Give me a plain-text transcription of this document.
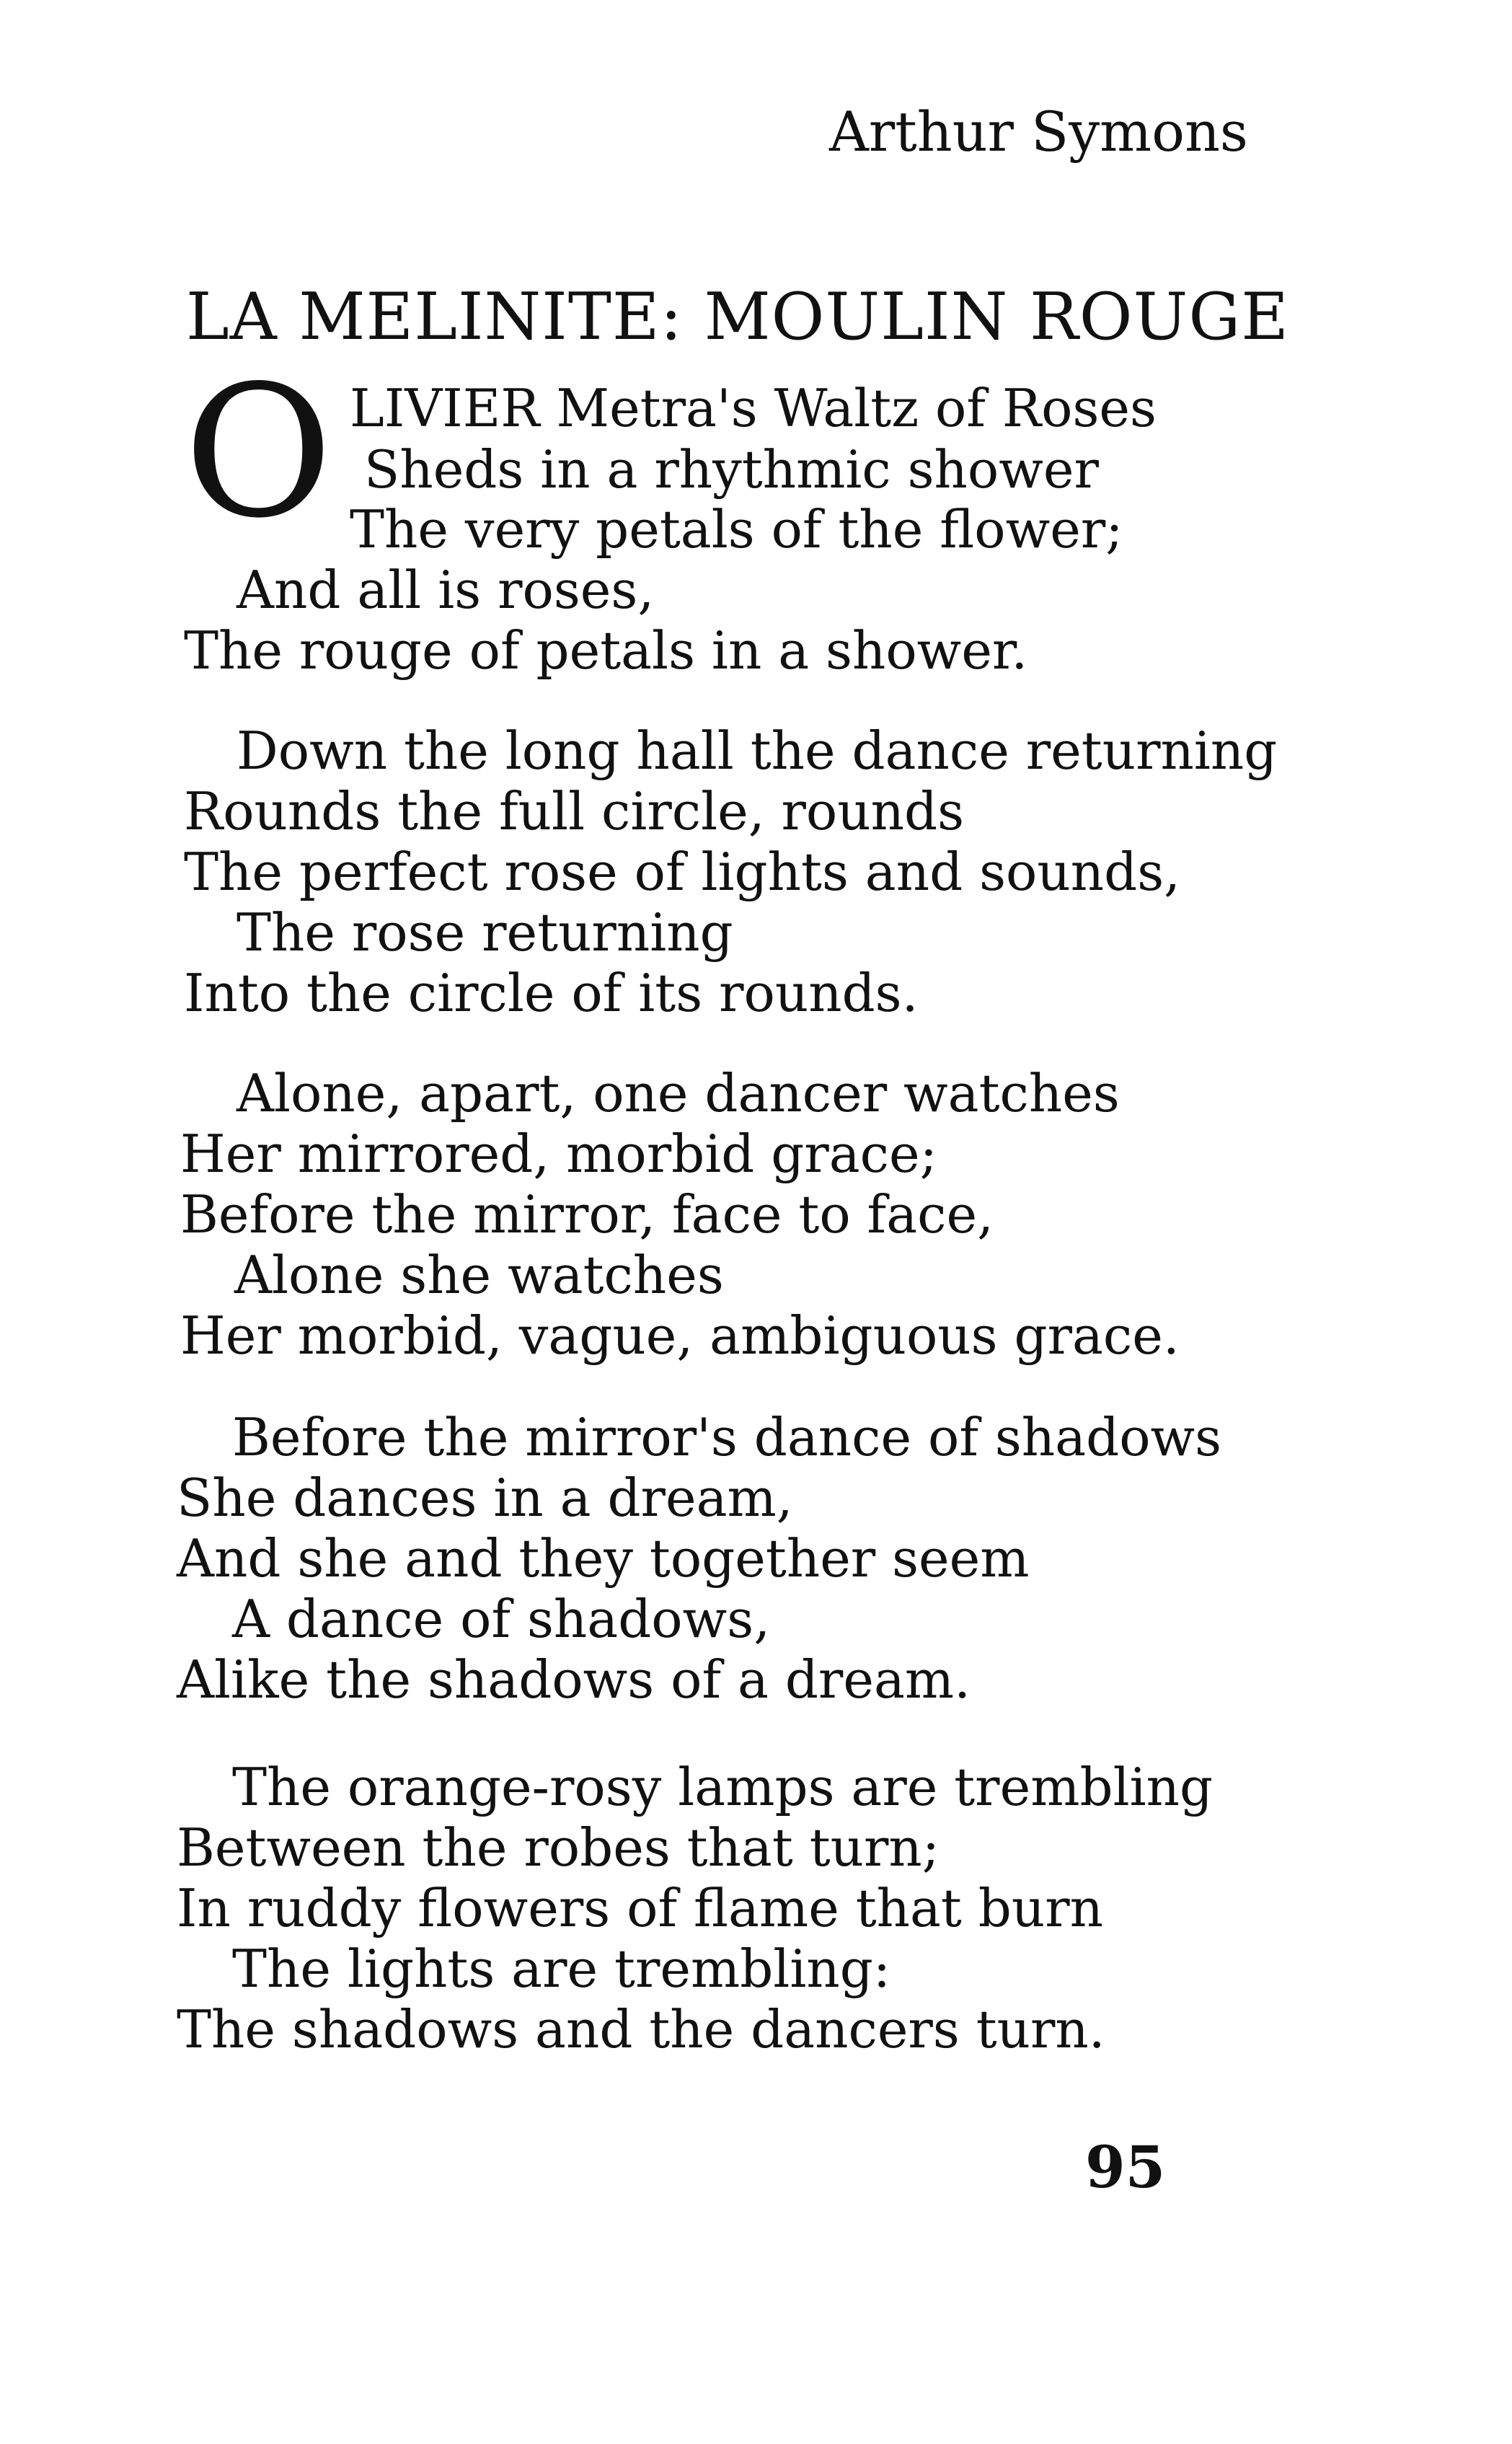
Arthur Symons
LA MELINITE: MOULIN ROUGE
O LIVIER Metra's Waltz of Roses
Sheds in a rhythmic shower
The very petals of the flower;
And all is roses,
The rouge of petals in a shower.
Down the long hall the dance returning
Rounds the full circle, rounds
The perfect rose of lights and sounds,
The rose returning
Into the circle of its rounds.
Alone, apart, one dancer watches
Her mirrored, morbid grace;
Before the mirror, face to face,
Alone she watches
Her morbid, vague, ambiguous grace.
Before the mirror's dance of shadows
She dances in a dream,
And she and they together seem
A dance of shadows,
Alike the shadows of a dream.
The orange-rosy lamps are trembling
Between the robes that turn;
In ruddy flowers of flame that burn
The lights are trembling:
The shadows and the dancers turn.
95
